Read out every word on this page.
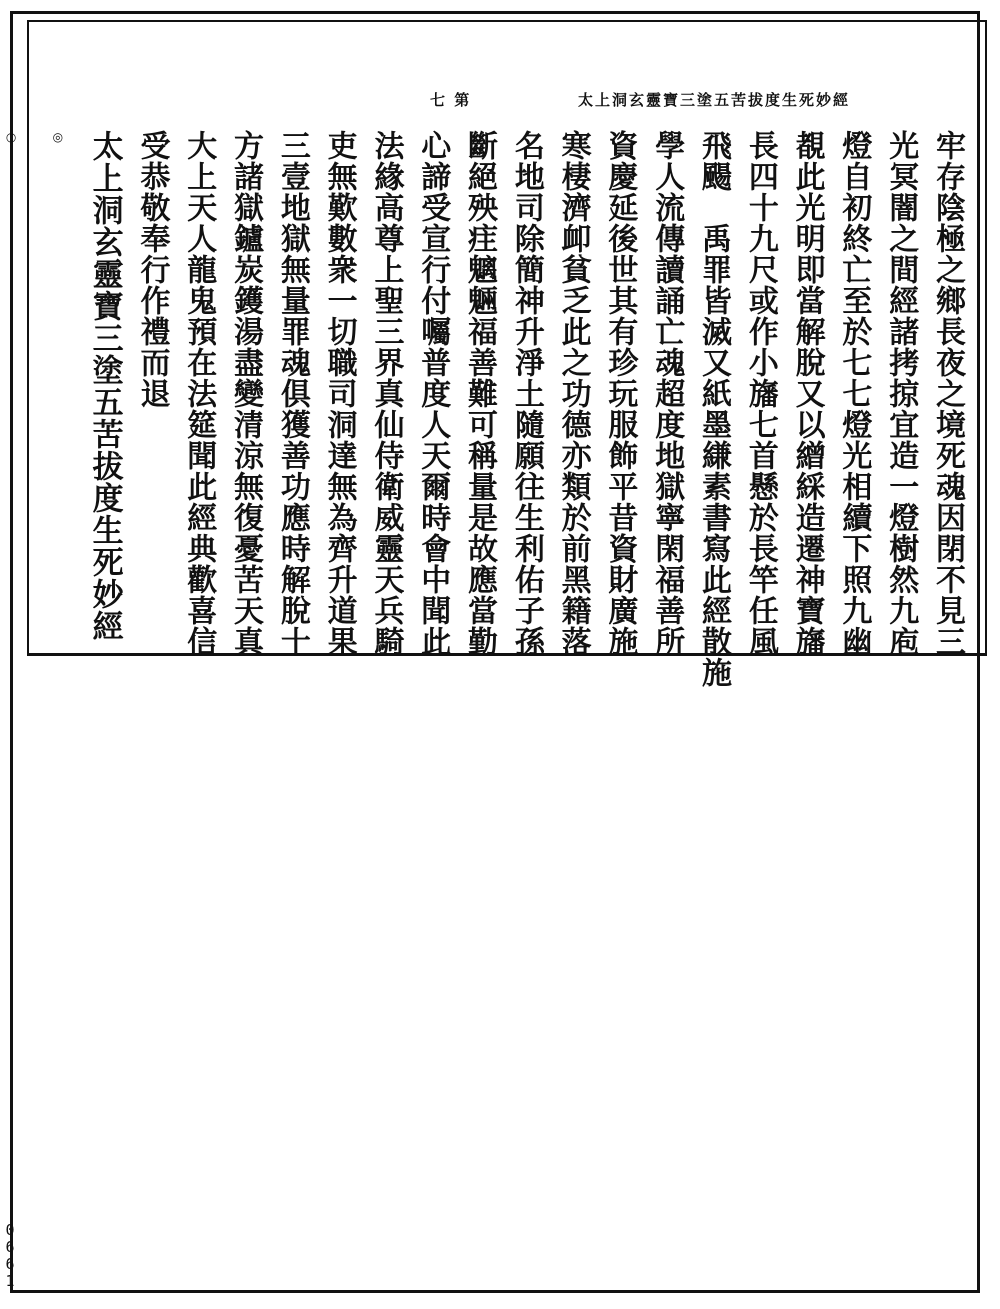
七 第	太上洞玄靈寶三塗五苦拔度生死妙經
牢存陰極之鄉長夜之境死魂因閉不見三
光冥闇之間經諸拷掠宜造一燈樹然九庖
燈自初終亡至於七七燈光相續下照九幽
覩此光明即當解脫又以繒綵造遷神寶旛
長四十九尺或作小旛七首懸於長竿任風
飛颺　禹罪皆滅又紙墨縑素書寫此經散施
學人流傳讀誦亡魂超度地獄寧閑福善所
資慶延後世其有珍玩服飾平昔資財廣施
寒棲濟卹貧乏此之功德亦類於前黑籍落
名地司除簡神升淨土隨願往生利佑子孫
斷絕殃疰魑魎福善難可稱量是故應當勤
心諦受宣行付囑普度人天爾時會中聞此
法緣高尊上聖三界真仙侍衛威靈天兵騎
吏無歎數衆一切職司洞達無為齊升道果
三壹地獄無量罪魂俱獲善功應時解脫十
方諸獄鑪炭鑊湯盡變清涼無復憂苦天真
大上天人龍鬼預在法筵聞此經典歡喜信
受恭敬奉行作禮而退
太上洞玄靈寶三塗五苦拔度生死妙經
◎
○
0
6
6
1
